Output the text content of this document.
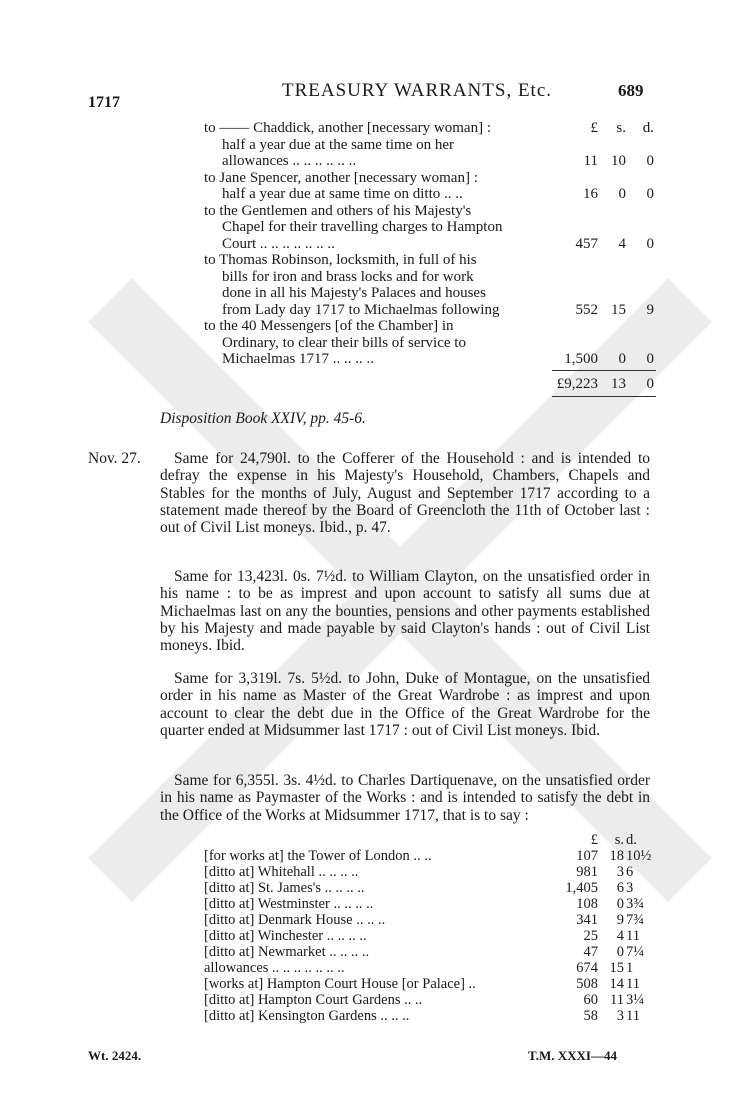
1717
TREASURY WARRANTS, Etc.	689
£	s.	d.
to —— Chaddick, another [necessary woman] :
half a year due at the same time on her
allowances .. .. .. .. .. ..	11 10	0
to Jane Spencer, another [necessary woman] :
half a year due at same time on ditto .. ..	16	0	0
to the Gentlemen and others of his Majesty's
Chapel for their travelling charges to Hampton
Court .. .. .. .. .. .. ..	457	4	0
to Thomas Robinson, locksmith, in full of his
bills for iron and brass locks and for work
done in all his Majesty's Palaces and houses
from Lady day 1717 to Michaelmas following	552 15	9
to the 40 Messengers [of the Chamber] in
Ordinary, to clear their bills of service to
Michaelmas 1717 .. .. .. ..	1,500	0	0
£9,223 13	0
Disposition Book XXIV, pp. 45-6.
Nov. 27.	Same for 24,790l. to the Cofferer of the Household : and is intended to defray the expense in his Majesty's Household, Chambers, Chapels and Stables for the months of July, August and September 1717 according to a statement made thereof by the Board of Greencloth the 11th of October last : out of Civil List moneys. Ibid., p. 47.
Same for 13,423l. 0s. 7½d. to William Clayton, on the unsatisfied order in his name : to be as imprest and upon account to satisfy all sums due at Michaelmas last on any the bounties, pensions and other payments established by his Majesty and made payable by said Clayton's hands : out of Civil List moneys. Ibid.
Same for 3,319l. 7s. 5½d. to John, Duke of Montague, on the unsatisfied order in his name as Master of the Great Wardrobe : as imprest and upon account to clear the debt due in the Office of the Great Wardrobe for the quarter ended at Midsummer last 1717 : out of Civil List moneys. Ibid.
Same for 6,355l. 3s. 4½d. to Charles Dartiquenave, on the unsatisfied order in his name as Paymaster of the Works : and is intended to satisfy the debt in the Office of the Works at Midsummer 1717, that is to say :
£	s. d.
[for works at] the Tower of London .. ..	107 18 10½
[ditto at] Whitehall .. .. .. ..	981	3 6
[ditto at] St. James's .. .. .. ..	1,405	6 3
[ditto at] Westminster .. .. .. ..	108	0 3¾
[ditto at] Denmark House .. .. ..	341	9 7¾
[ditto at] Winchester .. .. .. ..	25	4 11
[ditto at] Newmarket .. .. .. ..	47	0 7¼
allowances .. .. .. .. .. .. ..	674 15 1
[works at] Hampton Court House [or Palace] ..	508 14 11
[ditto at] Hampton Court Gardens .. ..	60 11 3¼
[ditto at] Kensington Gardens .. .. ..	58	3 11
Wt. 2424.	T.M. XXXI—44
